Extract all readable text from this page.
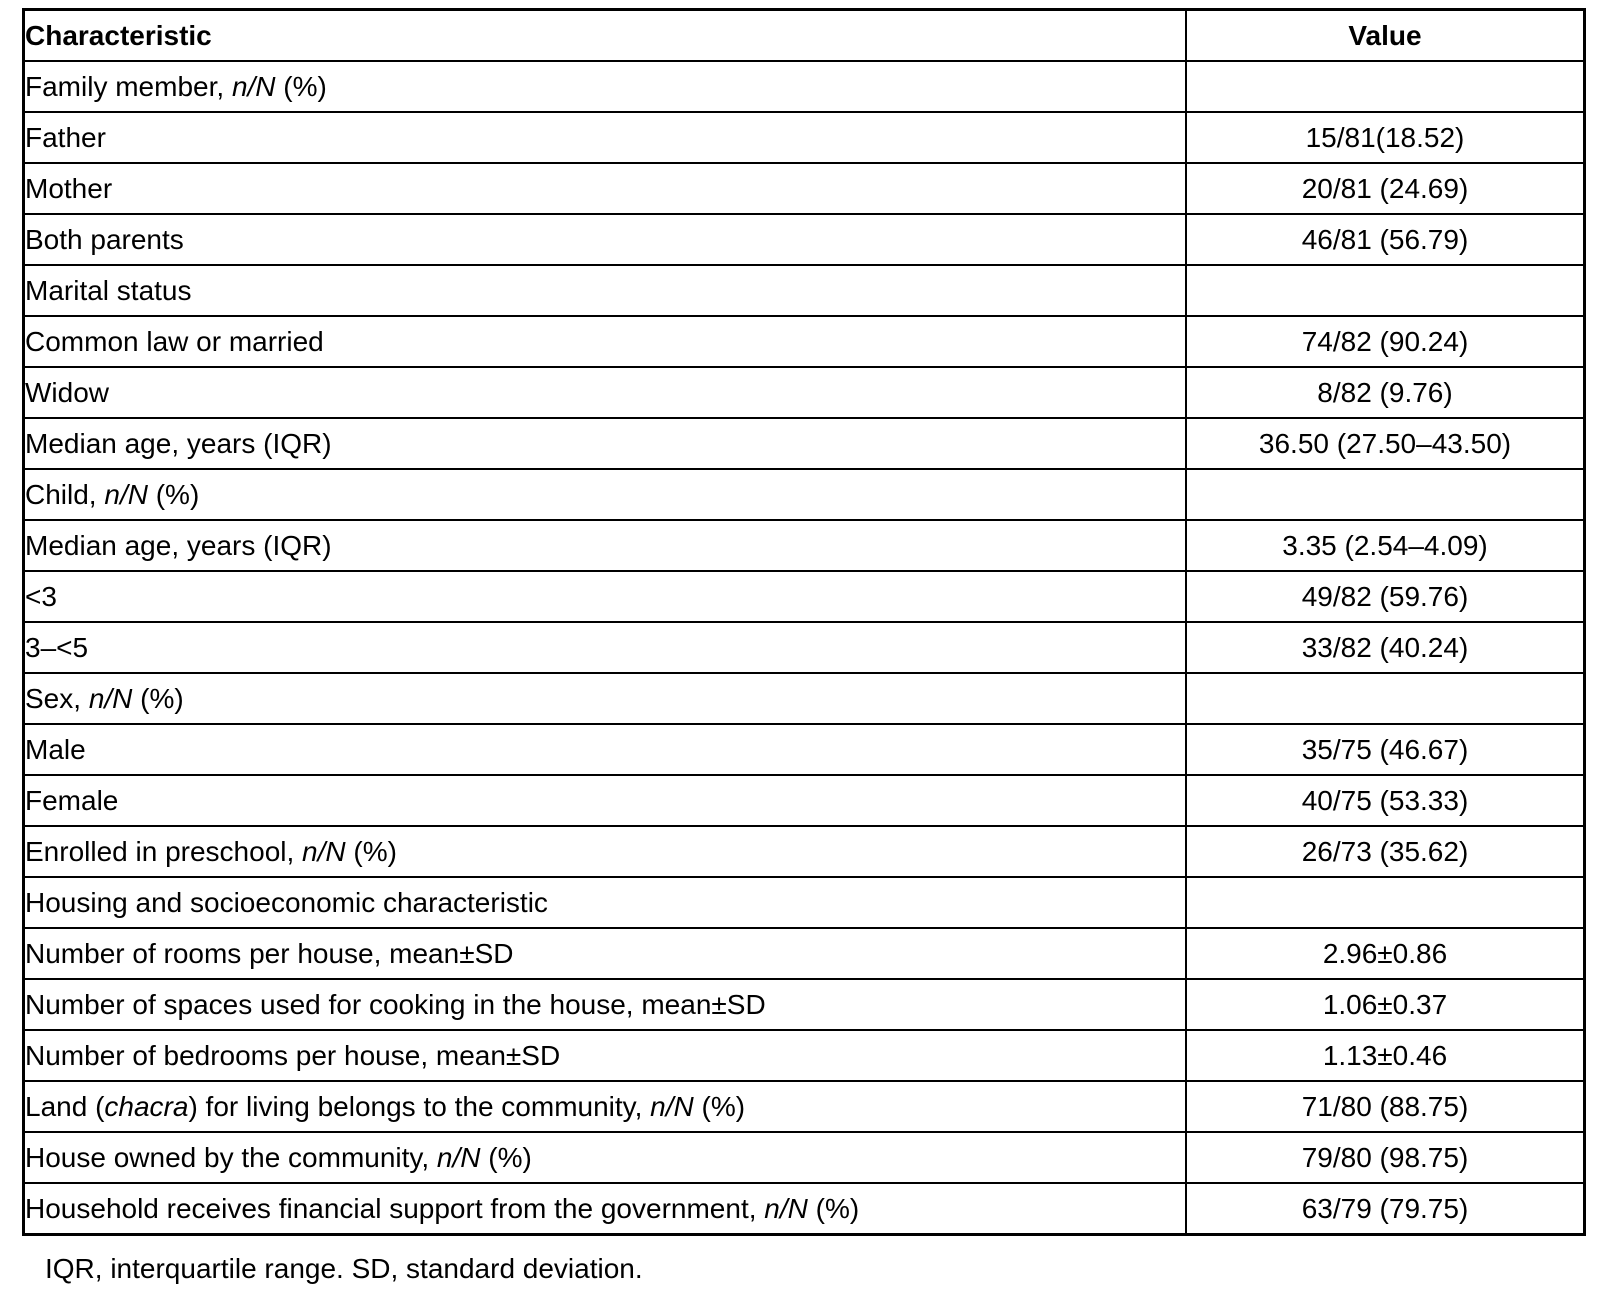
Characteristic	Value
Family member, n/N (%)	
Father	15/81(18.52)
Mother	20/81 (24.69)
Both parents	46/81 (56.79)
Marital status	
Common law or married	74/82 (90.24)
Widow	8/82 (9.76)
Median age, years (IQR)	36.50 (27.50–43.50)
Child, n/N (%)	
Median age, years (IQR)	3.35 (2.54–4.09)
<3	49/82 (59.76)
3–<5	33/82 (40.24)
Sex, n/N (%)	
Male	35/75 (46.67)
Female	40/75 (53.33)
Enrolled in preschool, n/N (%)	26/73 (35.62)
Housing and socioeconomic characteristic	
Number of rooms per house, mean±SD	2.96±0.86
Number of spaces used for cooking in the house, mean±SD	1.06±0.37
Number of bedrooms per house, mean±SD	1.13±0.46
Land (chacra) for living belongs to the community, n/N (%)	71/80 (88.75)
House owned by the community, n/N (%)	79/80 (98.75)
Household receives financial support from the government, n/N (%)	63/79 (79.75)
IQR, interquartile range. SD, standard deviation.
